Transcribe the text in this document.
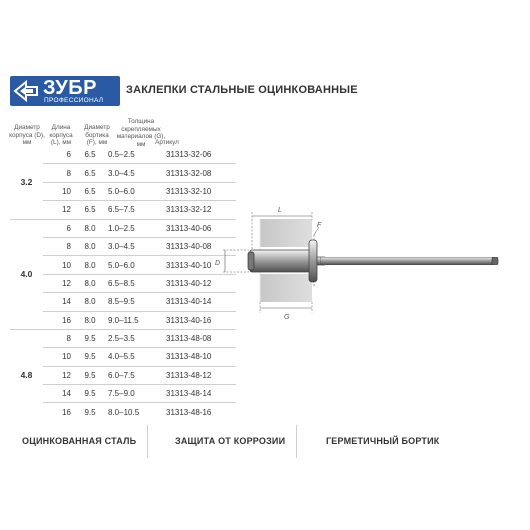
ЗУБР
ПРОФЕССИОНАЛ
ЗАКЛЕПКИ СТАЛЬНЫЕ ОЦИНКОВАННЫЕ
Диаметр
корпуса (D),
мм
Длина
корпуса
(L), мм
Диаметр
бортика
(F), мм
Толщина
скрепляемых
материалов (G),
мм	Артикул
3.2	6	6.5	0.5–2.5	31313-32-06
	8	6.5	3.0–4.5	31313-32-08
	10	6.5	5.0–6.0	31313-32-10
	12	6.5	6.5–7.5	31313-32-12
4.0	6	8.0	1.0–2.5	31313-40-06
	8	8.0	3.0–4.5	31313-40-08
	10	8.0	5.0–6.0	31313-40-10
	12	8.0	6.5–8.5	31313-40-12
	14	8.0	8.5–9.5	31313-40-14
	16	8.0	9.0–11.5	31313-40-16
4.8	8	9.5	2.5–3.5	31313-48-08
	10	9.5	4.0–5.5	31313-48-10
	12	9.5	6.0–7.5	31313-48-12
	14	9.5	7.5–9.0	31313-48-14
	16	9.5	8.0–10.5	31313-48-16
L
F
D
G
ОЦИНКОВАННАЯ СТАЛЬ	ЗАЩИТА ОТ КОРРОЗИИ	ГЕРМЕТИЧНЫЙ БОРТИК
